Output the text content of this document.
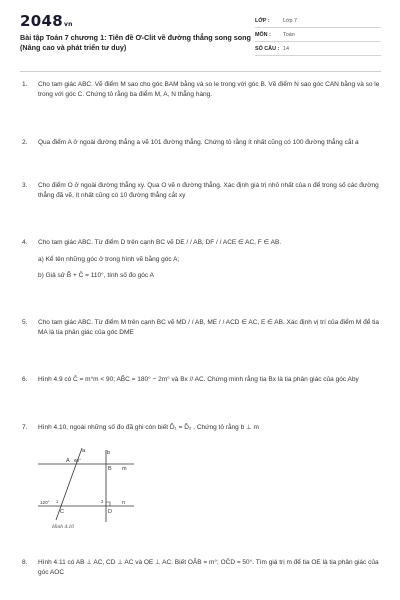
2048vn
Bài tập Toán 7 chương 1: Tiên đề Ơ-Clit về đường thẳng song song (Nâng cao và phát triển tư duy)
LỚP :	Lớp 7
MÔN :	Toán
SỐ CÂU : 14
1. Cho tam giác ABC. Vẽ điểm M sao cho góc BAM bằng và so le trong với góc B. Vẽ điểm N sao góc CAN bằng và so le trong với góc C. Chứng tỏ rằng ba điểm M, A, N thẳng hàng.

2. Qua điểm A ở ngoài đường thẳng a vẽ 101 đường thẳng. Chứng tỏ rằng ít nhất cũng có 100 đường thẳng cắt a

3. Cho điểm O ở ngoài đường thẳng xy. Qua O vẽ n đường thẳng. Xác định giá trị nhỏ nhất của n để trong số các đường thẳng đã vẽ, ít nhất cũng có 10 đường thẳng cắt xy

4. Cho tam giác ABC. Từ điểm D trên cạnh BC vẽ DE / / AB, DF / / ACE ∈ AC, F ∈ AB.

a) Kể tên những góc ở trong hình vẽ bằng góc A;

b) Giả sử B̂ + Ĉ = 110°, tính số đo góc A

5. Cho tam giác ABC. Từ điểm M trên cạnh BC vẽ MD / / AB, ME / / ACD ∈ AC, E ∈ AB. Xác định vị trí của điểm M để tia MA là tia phân giác của góc DME

6. Hình 4.9 có Ĉ = m°m < 90; AB̂C = 180° − 2m° và Bx // AC. Chứng minh rằng tia Bx là tia phân giác của góc Aby

7. Hình 4.10, ngoài những số đo đã ghi còn biết D̂₁ = D̂₂ . Chứng tỏ rằng b ⊥ m

a	b
A 60°
B m
120° 1
C	D
n
2
Hình 4.10
8. Hình 4.11 có AB ⊥ AC, CD ⊥ AC và OE ⊥ AC. Biết OÂB = m°; OĈD = 50°. Tìm giá trị m để tia OE là tia phân giác của góc AOC
